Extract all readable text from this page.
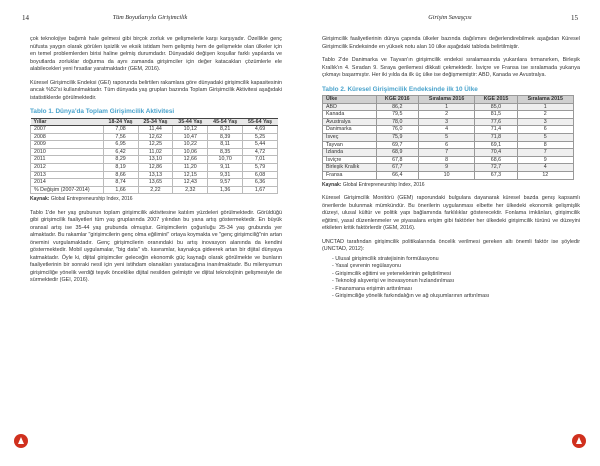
14	Tüm Boyutlarıyla Girişimcilik

çok teknolojiye bağımlı hale gelmesi gibi birçok zorluk ve gelişmelerle karşı karşıyadır. Özellikle genç nüfusta yaygın olarak görülen işsizlik ve eksik istidam hem gelişmiş hem de gelişmekte olan ülkeler için en temel problemlerden birisi haline gelmiş durumdadır. Dünyadaki değişen koşullar farklı yapılarda ve boyutlarda zorluklar doğurma da aynı zamanda girişimciler için değer katacakları çözümlerle ele alabilecekleri yeni fırsatlar yaratmaktadır (GEM, 2016).

Küresel Girişimcilik Endeksi (GEI) raporunda belirtilen rakamlara göre dünyadaki girişimcilik kapasitesinin ancak %52'si kullanılmaktadır. Tüm dünyada yaş grupları bazında Toplam Girişimcilik Aktivitesi aşağıdaki istatistiklerde görülmektedir.

Tablo 1. Dünya'da Toplam Girişimcilik Aktivitesi
Yıllar	18-24 Yaş	25-34 Yaş	35-44 Yaş	45-54 Yaş	55-64 Yaş
2007	7,08	11,44	10,12	8,21	4,69
2008	7,56	12,62	10,47	8,39	5,25
2009	6,95	12,25	10,22	8,11	5,44
2010	6,42	11,02	10,06	8,35	4,72
2011	8,29	13,10	12,66	10,70	7,01
2012	8,19	12,86	11,20	9,11	5,79
2013	8,66	13,13	12,15	9,31	6,08
2014	8,74	13,65	12,43	9,57	6,36
% Değişim (2007-2014)	1,66	2,22	2,32	1,36	1,67
Kaynak: Global Entrepreneurship Index, 2016

Tablo 1'de her yaş grubunun toplam girişimcilik aktivitesine katılım yüzdeleri görülmektedir. Görüldüğü gibi girişimcilik faaliyetleri tüm yaş gruplarında 2007 yılından bu yana artış göstermektedir. En büyük oransal artış ise 35-44 yaş grubunda olmuştur. Girişimcilerin çoğunluğu 25-34 yaş grubunda yer almaktadır. Bu rakamlar "girişimcilerin genç olma eğilimini" ortaya koymakta ve "genç girişimciliğ"nin artan önemini vurgulamaktadır. Genç girişimcilerin oranındaki bu artış inovasyon alanında da kendini göstermektedir. Mobil uygulamalar, "big data" vb. kavramlar, kaynakça gideerek artan bir dijital dünyaya katmaktadır. Öyle ki, dijital girişimciler geleceğin ekonomik güç kaynağı olarak görülmekte ve bunların faaliyetlerinin bir sonraki nesil için yeni istihdam olanakları yaratacağına inanılmaktadır. Bu milenyumun girişimciliğe yönelik verdiği teşvik önceklike dijital nesilden gelmiştir ve dijital teknolojinin gelişmesiyle de sürmektedir (GEI, 2016).

Girişim Savaşçısı	15

Girişimcilik faaliyetlerinin dünya çapında ülkeler bazında dağılımını değerlendirebilmek aşağıdan Küresel Girişimcilik Endeksinde en yüksek notu alan 10 ülke aşağıdaki tabloda belirtilmiştir.

Tablo 2'de Danimarka ve Tayvan'ın girişimcilik endeksi sıralamasında yukarılara tırmanırken, Birleşik Krallık'ın 4. Sıradan 9. Sıraya gerilemesi dikkati çekmektedir. İsviçre ve Fransa ise sıralamada yukarıya çıkmayı başarmıştır. Her iki yılda da ilk üç ülke ise değişmemiştir: ABD, Kanada ve Avustralya.

Tablo 2. Küresel Girişimcilik Endeksinde ilk 10 Ülke
Ülke	KGE 2016	Sıralama 2016	KGE 2015	Sıralama 2015
ABD	86,2	1	85,0	1
Kanada	79,5	2	81,5	2
Avustralya	78,0	3	77,6	3
Danimarka	76,0	4	71,4	6
İsveç	75,9	5	71,8	5
Tayvan	69,7	6	69,1	8
İzlanda	68,9	7	70,4	7
İsviçre	67,8	8	68,6	9
Birleşik Krallık	67,7	9	72,7	4
Fransa	66,4	10	67,3	12
Kaynak: Global Entrepreneurship Index, 2016

Küresel Girişimcilik Monitörü (GEM) raporundaki bulgulara dayanarak küresel bazda genış kapsamlı önerilerde bulunmak mümkündür. Bu önerilerin uygulanması elbette her ülkedeki ekonomik gelişmişlik düzeyi, ulusal kültür ve politik yapı bağlamında farklılıklar gösterecektir. Fonlama imkânları, girişimcilik eğitimi, yasal düzenlenmeler ve piyasalara erişim gibi faktörler her ülkedeki girişimcilik türünü ve düzeyini etkileten kritik faktörlerdir (GEM, 2016).

UNCTAD tarafından girişimcilik politikalarında öncelik verilmesi gereken altı önemli faktör ise şöyledir (UNCTAD, 2012):

- Ulusal girişimcilik stratejisinin formülasyonu
- Yasal çevrenin regülasyonu
- Girişimcilik eğitimi ve yeteneklerinin geliştirilmesi
- Teknoloji alışverişi ve inovasyonun hızlandırılması
- Finansmana erişimin arttırılması
- Girişimciliğe yönelik farkındalığın ve ağ oluşumlarının arttırılması
